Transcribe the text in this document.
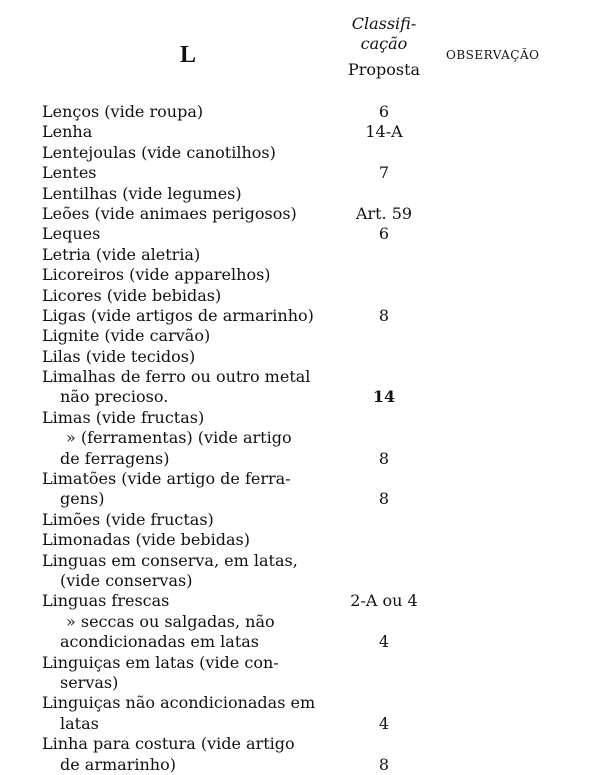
L
Classifi-
cação
Proposta
OBSERVAÇÃO
Lenços (vide roupa)	6
Lenha	14-A
Lentejoulas (vide canotilhos)
Lentes	7
Lentilhas (vide legumes)
Leões (vide animaes perigosos)	Art. 59
Leques	6
Letria (vide aletria)
Licoreiros (vide apparelhos)
Licores (vide bebidas)
Ligas (vide artigos de armarinho)	8
Lignite (vide carvão)
Lilas (vide tecidos)
Limalhas de ferro ou outro metal
não precioso.	14
Limas (vide fructas)
» (ferramentas) (vide artigo
de ferragens)	8
Limatões (vide artigo de ferra-
gens)	8
Limões (vide fructas)
Limonadas (vide bebidas)
Linguas em conserva, em latas,
(vide conservas)
Linguas frescas	2-A ou 4
» seccas ou salgadas, não
acondicionadas em latas	4
Linguiças em latas (vide con-
servas)
Linguiças não acondicionadas em
latas	4
Linha para costura (vide artigo
de armarinho)	8
